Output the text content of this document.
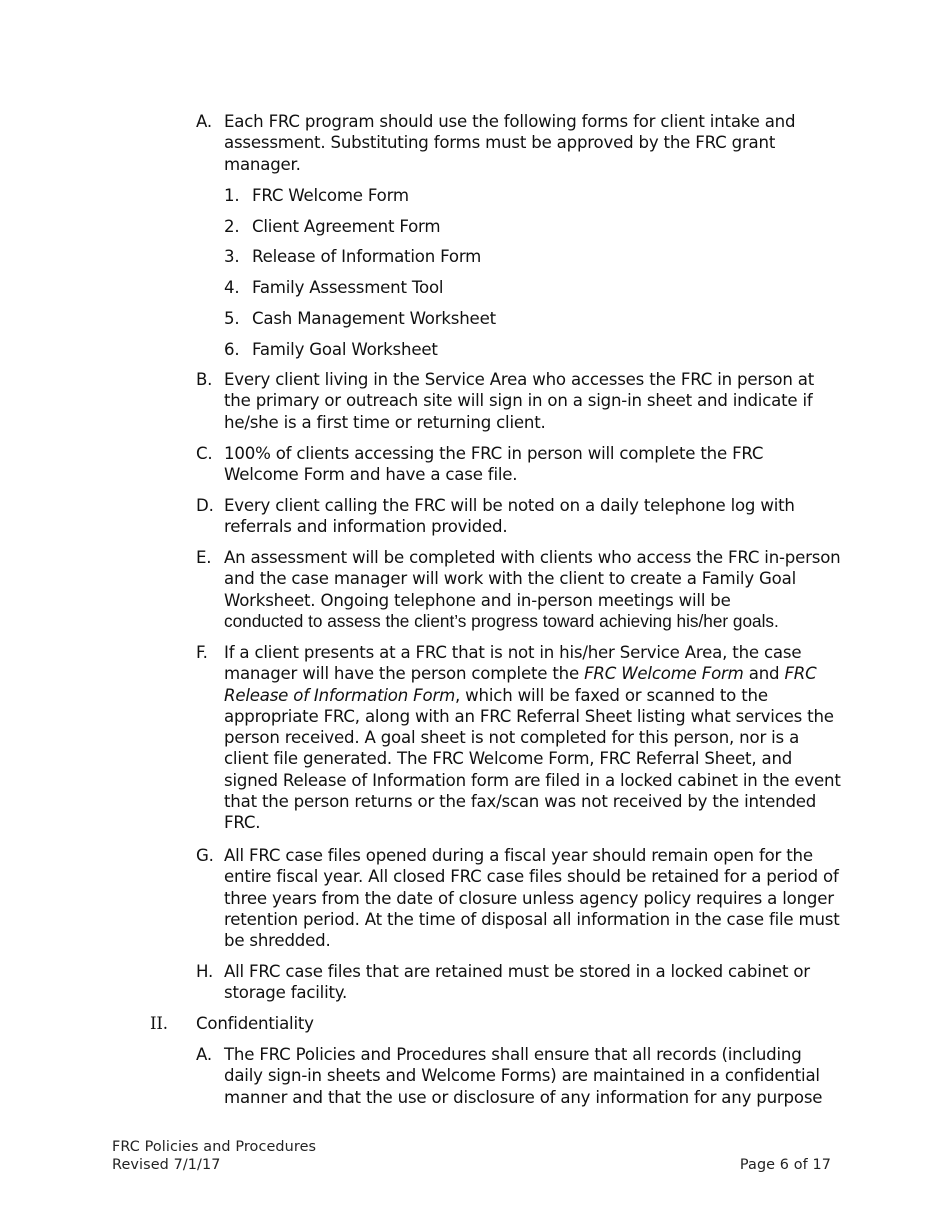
A. Each FRC program should use the following forms for client intake and assessment. Substituting forms must be approved by the FRC grant manager.
1. FRC Welcome Form
2. Client Agreement Form
3. Release of Information Form
4. Family Assessment Tool
5. Cash Management Worksheet
6. Family Goal Worksheet
B. Every client living in the Service Area who accesses the FRC in person at the primary or outreach site will sign in on a sign-in sheet and indicate if he/she is a first time or returning client.
C. 100% of clients accessing the FRC in person will complete the FRC Welcome Form and have a case file.
D. Every client calling the FRC will be noted on a daily telephone log with referrals and information provided.
E. An assessment will be completed with clients who access the FRC in-person and the case manager will work with the client to create a Family Goal Worksheet. Ongoing telephone and in-person meetings will be
conducted to assess the client’s progress toward achieving his/her goals.
F. If a client presents at a FRC that is not in his/her Service Area, the case manager will have the person complete the FRC Welcome Form and FRC Release of Information Form, which will be faxed or scanned to the appropriate FRC, along with an FRC Referral Sheet listing what services the person received. A goal sheet is not completed for this person, nor is a client file generated. The FRC Welcome Form, FRC Referral Sheet, and signed Release of Information form are filed in a locked cabinet in the event that the person returns or the fax/scan was not received by the intended FRC.
G. All FRC case files opened during a fiscal year should remain open for the entire fiscal year. All closed FRC case files should be retained for a period of three years from the date of closure unless agency policy requires a longer retention period. At the time of disposal all information in the case file must be shredded.
H. All FRC case files that are retained must be stored in a locked cabinet or storage facility.
II. Confidentiality
A. The FRC Policies and Procedures shall ensure that all records (including daily sign-in sheets and Welcome Forms) are maintained in a confidential manner and that the use or disclosure of any information for any purpose
FRC Policies and Procedures
Revised 7/1/17	Page 6 of 17
